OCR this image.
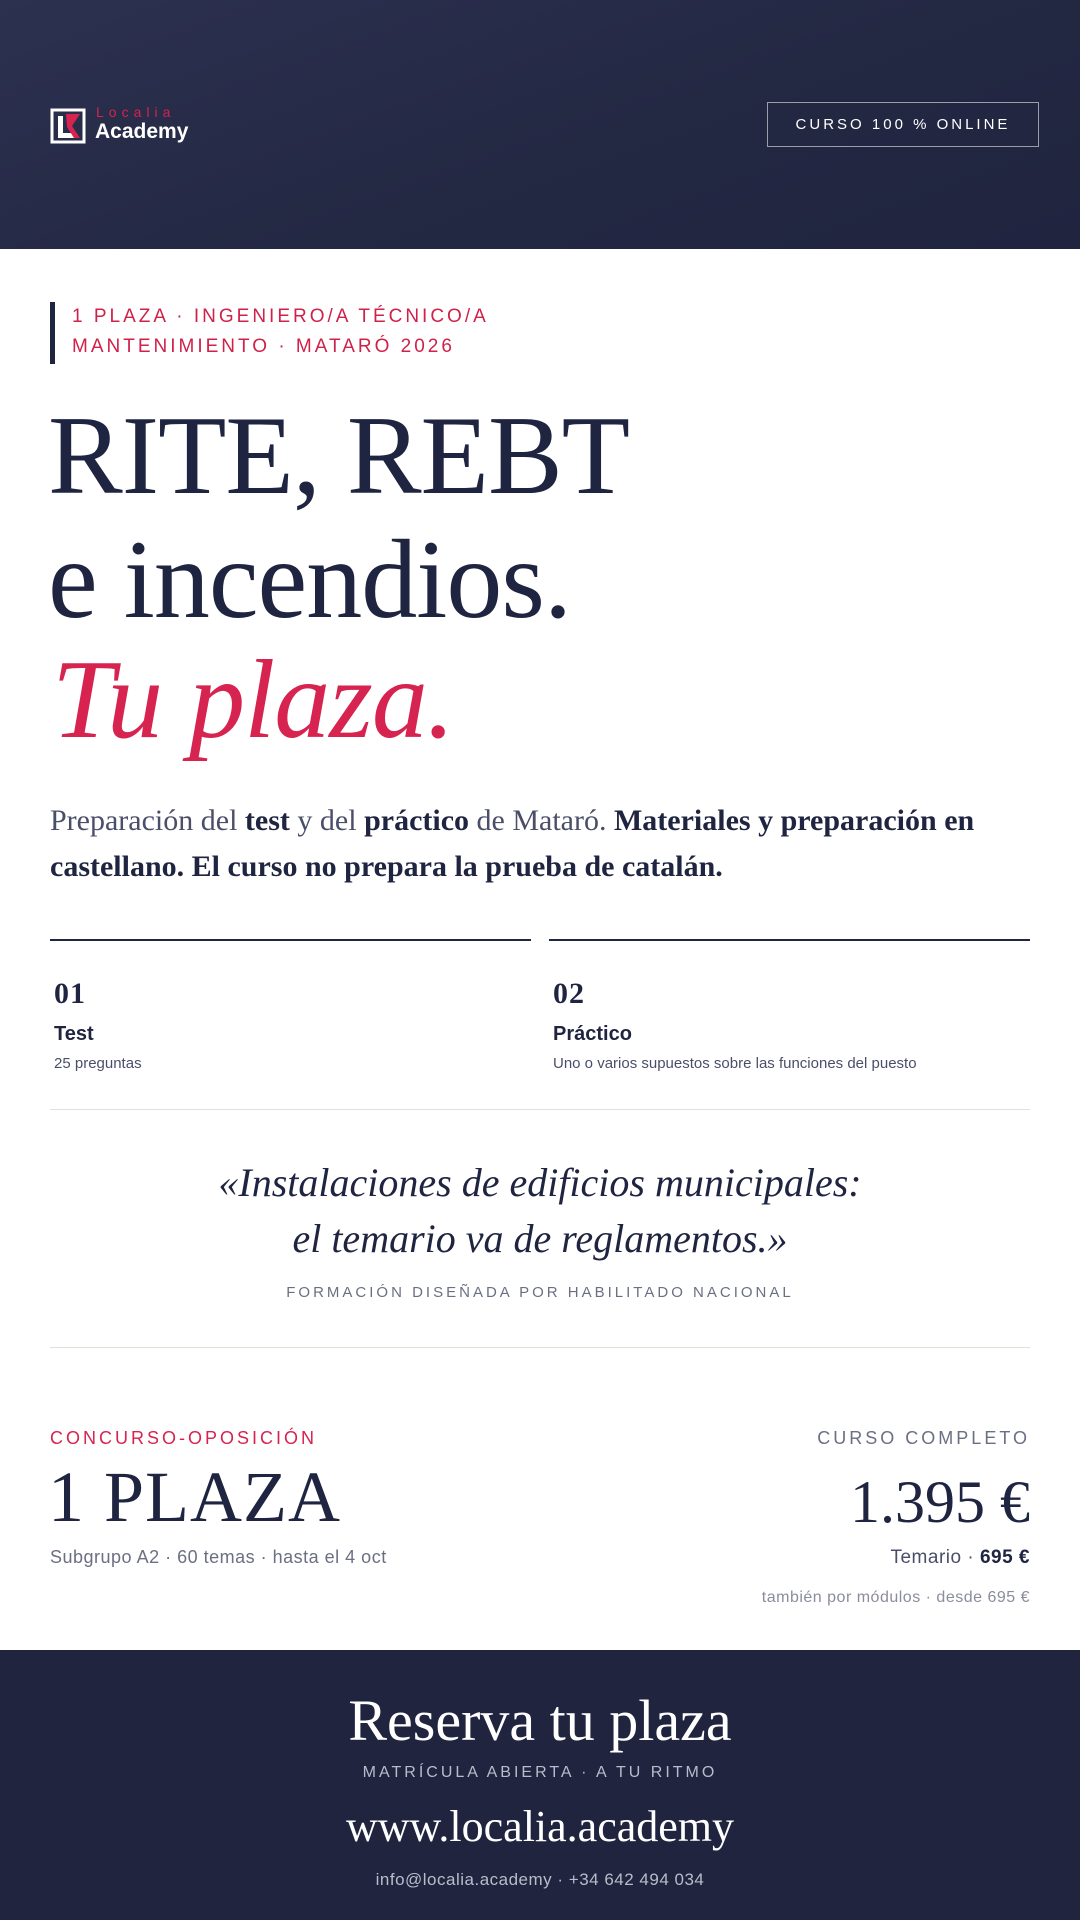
Localia
Academy	CURSO 100 % ONLINE
1 PLAZA · INGENIERO/A TÉCNICO/A
MANTENIMIENTO · MATARÓ 2026
RITE, REBT
e incendios.
Tu plaza.

Preparación del test y del práctico de Mataró. Materiales y preparación en castellano. El curso no prepara la prueba de catalán.

01
Test
25 preguntas
02
Práctico
Uno o varios supuestos sobre las funciones del puesto
«Instalaciones de edificios municipales:
el temario va de reglamentos.»
FORMACIÓN DISEÑADA POR HABILITADO NACIONAL
CONCURSO-OPOSICIÓN
1 PLAZA
Subgrupo A2 · 60 temas · hasta el 4 oct
CURSO COMPLETO
1.395 €
Temario · 695 €
también por módulos · desde 695 €
Reserva tu plaza
MATRÍCULA ABIERTA · A TU RITMO
www.localia.academy
info@localia.academy · +34 642 494 034
